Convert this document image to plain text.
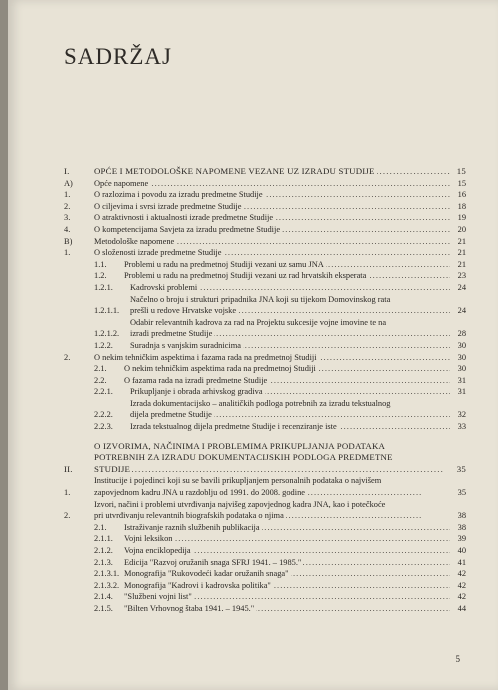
SADRŽAJ
I.	OPĆE I METODOLOŠKE NAPOMENE VEZANE UZ IZRADU STUDIJE . . .	15
A)	Opće napomene . . .	15
1.	O razlozima i povodu za izradu predmetne Studije . . .	16
2.	O ciljevima i svrsi izrade predmetne Studije . . .	18
3.	O atraktivnosti i aktualnosti izrade predmetne Studije . . .	19
4.	O kompetencijama Savjeta za izradu predmetne Studije . . .	20
B)	Metodološke napomene . . .	21
1.	O složenosti izrade predmetne Studije . . .	21
1.1.	Problemi u radu na predmetnoj Studiji vezani uz samu JNA . . .	21
1.2.	Problemi u radu na predmetnoj Studiji vezani uz rad hrvatskih eksperata . . .	23
1.2.1.	Kadrovski problemi . . .	24
1.2.1.1.
Načelno o broju i strukturi pripadnika JNA koji su tijekom Domovinskog rata
prešli u redove Hrvatske vojske . . .	24
1.2.1.2.
Odabir relevantnih kadrova za rad na Projektu sukcesije vojne imovine te na
izradi predmetne Studije . . .	28
1.2.2.	Suradnja s vanjskim suradnicima . . .	30
2.	O nekim tehničkim aspektima i fazama rada na predmetnoj Studiji . . .	30
2.1.	O nekim tehničkim aspektima rada na predmetnoj Studiji . . .	30
2.2.	O fazama rada na izradi predmetne Studije . . .	31
2.2.1.	Prikupljanje i obrada arhivskog gradiva . . .	31
2.2.2.
Izrada dokumentacijsko – analitičkih podloga potrebnih za izradu tekstualnog
dijela predmetne Studije . . .	32
2.2.3.	Izrada tekstualnog dijela predmetne Studije i recenziranje iste . . .	33
II.
O IZVORIMA, NAČINIMA I PROBLEMIMA PRIKUPLJANJA PODATAKA
POTREBNIH ZA IZRADU DOKUMENTACIJSKIH PODLOGA PREDMETNE
STUDIJE . . .	35
1.
Institucije i pojedinci koji su se bavili prikupljanjem personalnih podataka o najvišem
zapovjednom kadru JNA u razdoblju od 1991. do 2008. godine . . .	35
2.
Izvori, načini i problemi utvrđivanja najvišeg zapovjednog kadra JNA, kao i potečkoće
pri utvrđivanju relevantnih biografskih podataka o njima . . .	38
2.1.	Istraživanje raznih službenih publikacija . . .	38
2.1.1.	Vojni leksikon . . .	39
2.1.2.	Vojna enciklopedija . . .	40
2.1.3.	Edicija "Razvoj oružanih snaga SFRJ 1941. – 1985." . . .	41
2.1.3.1. Monografija "Rukovodeći kadar oružanih snaga" . . .	42
2.1.3.2. Monografija "Kadrovi i kadrovska politika" . . .	42
2.1.4.	"Službeni vojni list" . . .	42
2.1.5.	"Bilten Vrhovnog štaba 1941. – 1945." . . .	44
5
